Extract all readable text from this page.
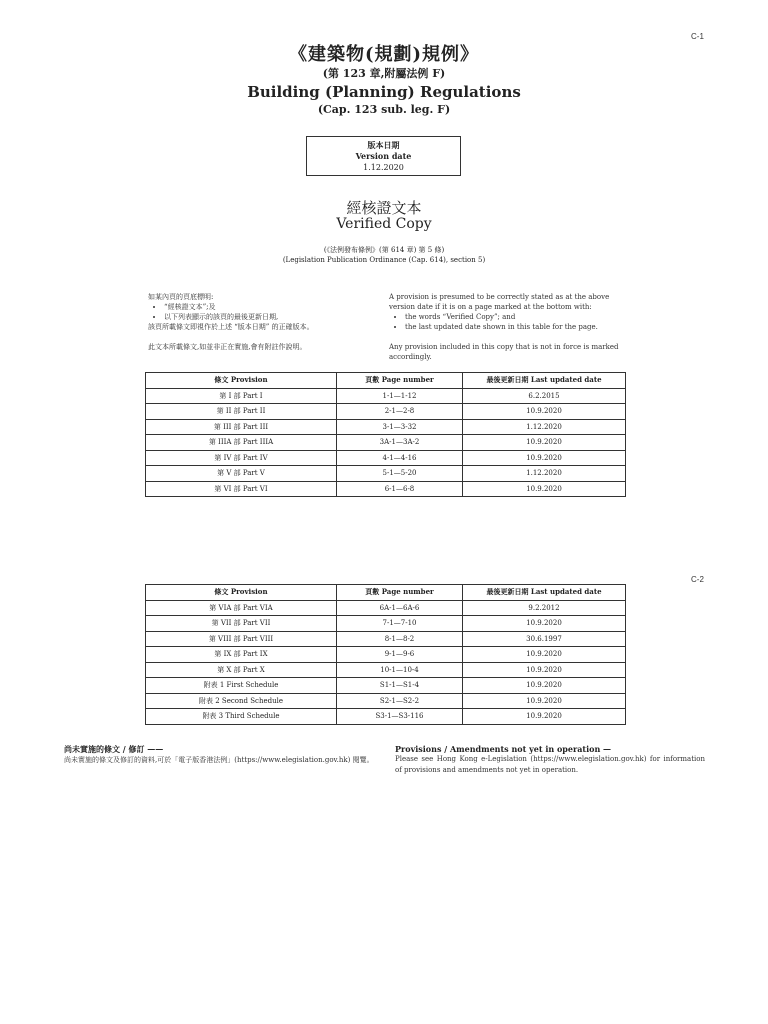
C-1
《建築物(規劃)規例》
(第 123 章,附屬法例 F)
Building (Planning) Regulations
(Cap. 123 sub. leg. F)
版本日期
Version date
1.12.2020
經核證文本
Verified Copy
(《法例發布條例》(第 614 章) 第 5 條)
(Legislation Publication Ordinance (Cap. 614), section 5)

如某內頁的頁底標明:

• “經核證文本”;及
• 以下列表顯示的該頁的最後更新日期,

該頁所載條文即視作於上述 “版本日期” 的正確版本。

此文本所載條文,如並非正在實施,會有附註作說明。

A provision is presumed to be correctly stated as at the above version date if it is on a page marked at the bottom with:

• the words “Verified Copy”; and
• the last updated date shown in this table for the page.

Any provision included in this copy that is not in force is marked accordingly.

條文 Provision	頁數 Page number	最後更新日期 Last updated date
第 I 部 Part I	1-1—1-12	6.2.2015
第 II 部 Part II	2-1—2-8	10.9.2020
第 III 部 Part III	3-1—3-32	1.12.2020
第 IIIA 部 Part IIIA	3A-1—3A-2	10.9.2020
第 IV 部 Part IV	4-1—4-16	10.9.2020
第 V 部 Part V	5-1—5-20	1.12.2020
第 VI 部 Part VI	6-1—6-8	10.9.2020
C-2
條文 Provision	頁數 Page number	最後更新日期 Last updated date
第 VIA 部 Part VIA	6A-1—6A-6	9.2.2012
第 VII 部 Part VII	7-1—7-10	10.9.2020
第 VIII 部 Part VIII	8-1—8-2	30.6.1997
第 IX 部 Part IX	9-1—9-6	10.9.2020
第 X 部 Part X	10-1—10-4	10.9.2020
附表 1 First Schedule	S1-1—S1-4	10.9.2020
附表 2 Second Schedule	S2-1—S2-2	10.9.2020
附表 3 Third Schedule	S3-1—S3-116	10.9.2020
尚未實施的條文 / 修訂 ——
尚未實施的條文及修訂的資料,可於「電子版香港法例」(https://www.elegislation.gov.hk) 閱覽。
Provisions / Amendments not yet in operation —
Please see Hong Kong e-Legislation (https://www.elegislation.gov.hk) for information of provisions and amendments not yet in operation.
